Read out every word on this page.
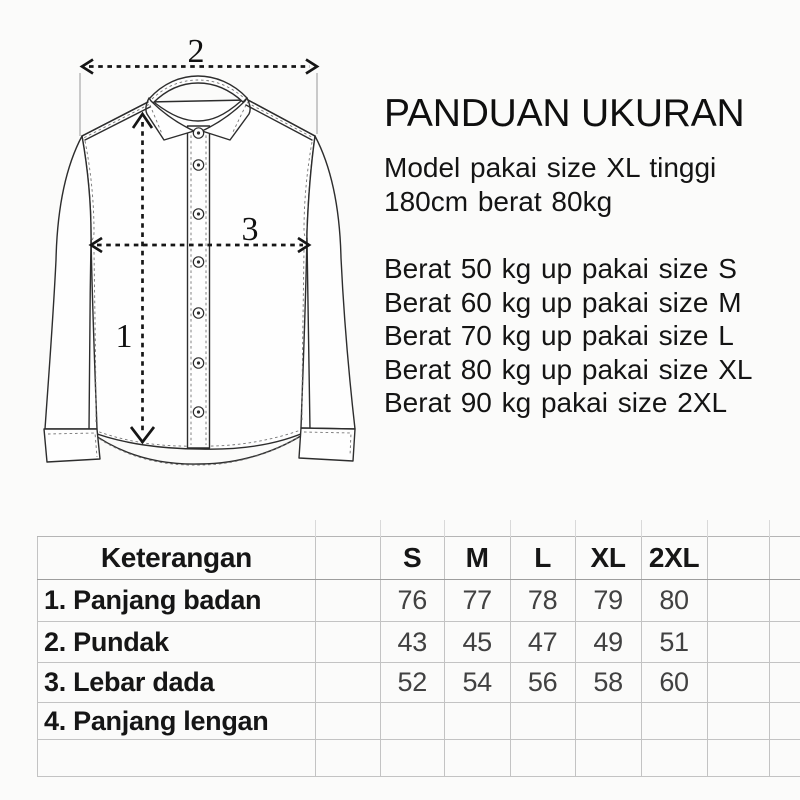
2
1
3
PANDUAN UKURAN
Model pakai size XL tinggi
180cm berat 80kg
Berat 50 kg up pakai size S
Berat 60 kg up pakai size M
Berat 70 kg up pakai size L
Berat 80 kg up pakai size XL
Berat 90 kg pakai size 2XL

Keterangan		S	M	L	XL	2XL		
1. Panjang badan		76	77	78	79	80		
2. Pundak		43	45	47	49	51		
3. Lebar dada		52	54	56	58	60		
4. Panjang lengan								
